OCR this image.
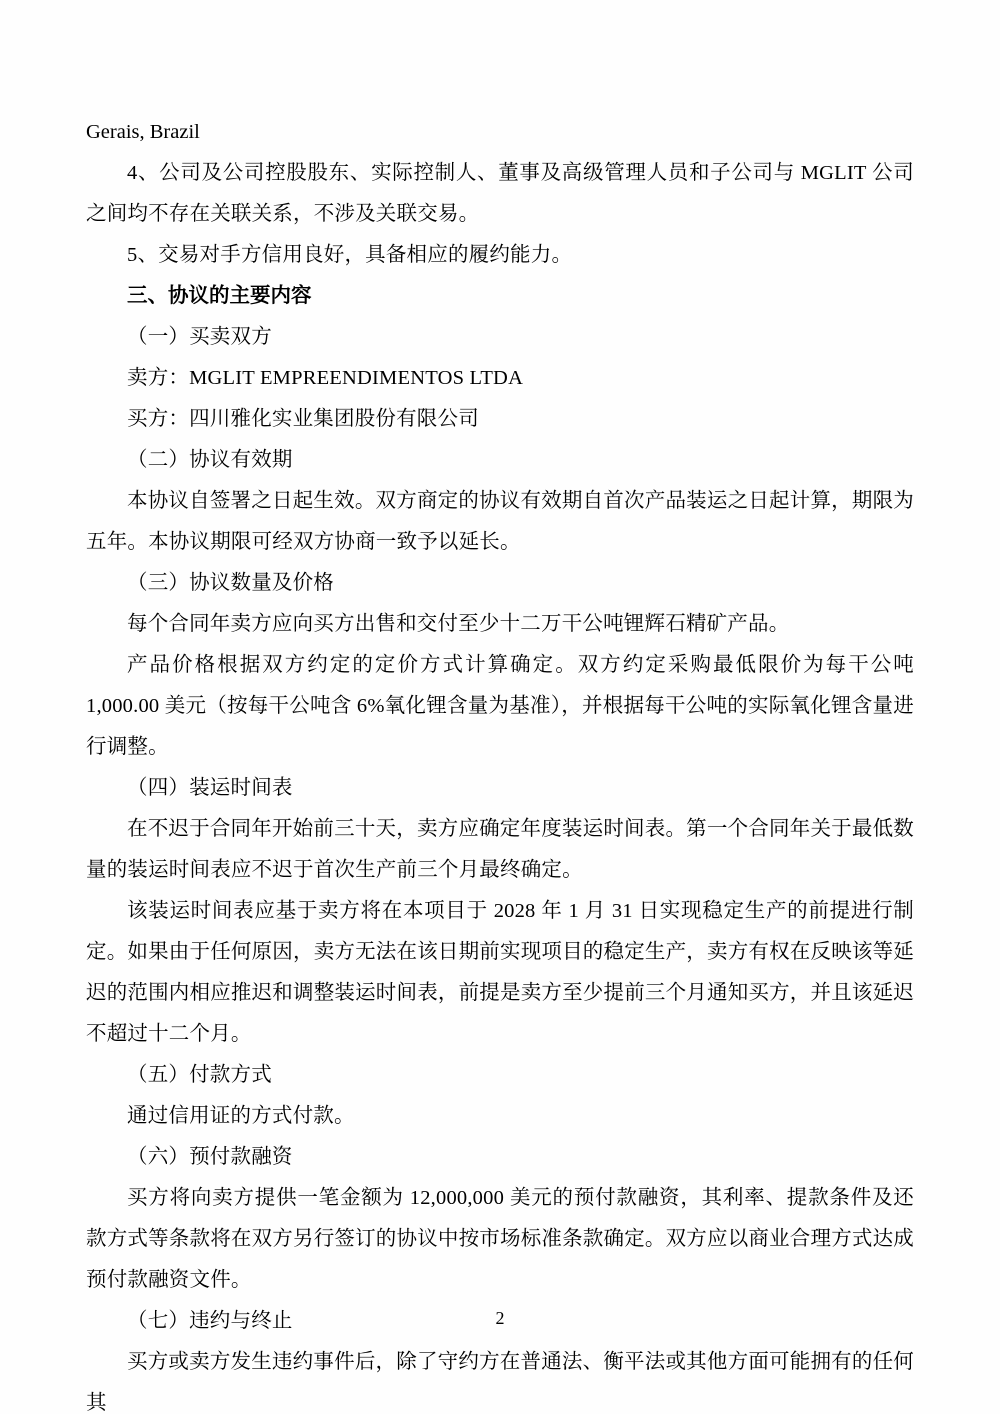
Gerais, Brazil

4、公司及公司控股股东、实际控制人、董事及高级管理人员和子公司与 MGLIT 公司之间均不存在关联关系，不涉及关联交易。

5、交易对手方信用良好，具备相应的履约能力。

三、协议的主要内容

（一）买卖双方

卖方：MGLIT EMPREENDIMENTOS LTDA

买方：四川雅化实业集团股份有限公司

（二）协议有效期

本协议自签署之日起生效。双方商定的协议有效期自首次产品装运之日起计算，期限为五年。本协议期限可经双方协商一致予以延长。

（三）协议数量及价格

每个合同年卖方应向买方出售和交付至少十二万干公吨锂辉石精矿产品。

产品价格根据双方约定的定价方式计算确定。双方约定采购最低限价为每干公吨 1,000.00 美元（按每干公吨含 6%氧化锂含量为基准），并根据每干公吨的实际氧化锂含量进行调整。

（四）装运时间表

在不迟于合同年开始前三十天，卖方应确定年度装运时间表。第一个合同年关于最低数量的装运时间表应不迟于首次生产前三个月最终确定。

该装运时间表应基于卖方将在本项目于 2028 年 1 月 31 日实现稳定生产的前提进行制定。如果由于任何原因，卖方无法在该日期前实现项目的稳定生产，卖方有权在反映该等延迟的范围内相应推迟和调整装运时间表，前提是卖方至少提前三个月通知买方，并且该延迟不超过十二个月。

（五）付款方式

通过信用证的方式付款。

（六）预付款融资

买方将向卖方提供一笔金额为 12,000,000 美元的预付款融资，其利率、提款条件及还款方式等条款将在双方另行签订的协议中按市场标准条款确定。双方应以商业合理方式达成预付款融资文件。

（七）违约与终止

买方或卖方发生违约事件后，除了守约方在普通法、衡平法或其他方面可能拥有的任何其

2
